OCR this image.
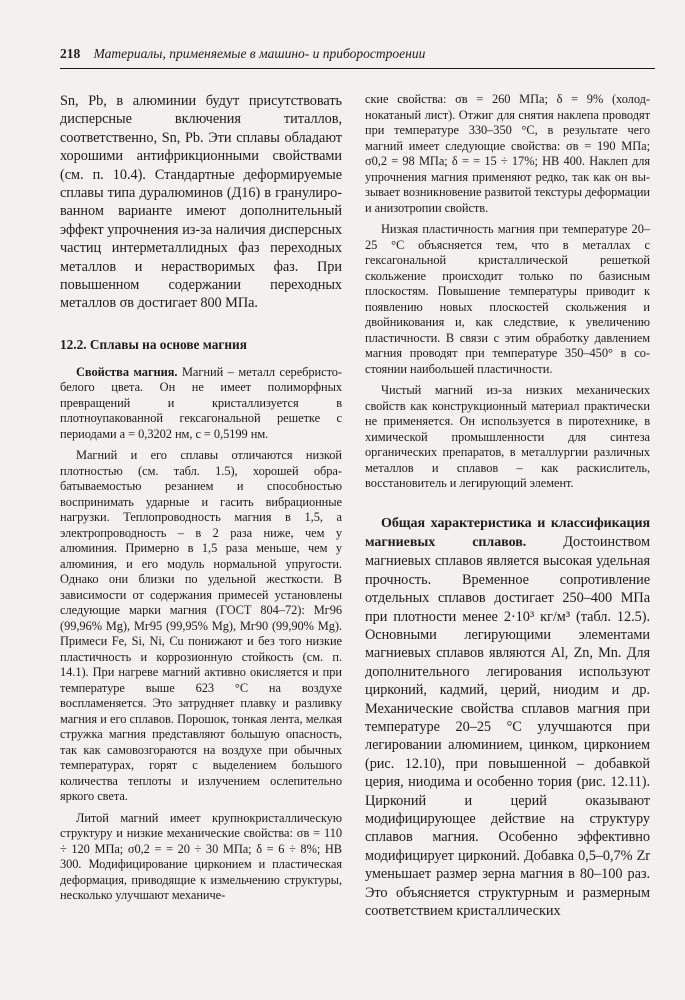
218 Материалы, применяемые в машино- и приборостроении

Sn, Pb, в алюминии будут присутствовать дисперсные включения титаллов, соответственно, Sn, Pb. Эти сплавы обладают хорошими антифрикционными свойствами (см. п. 10.4). Стандартные деформируемые сплавы типа дуралюминов (Д16) в гранулированном варианте имеют дополнительный эффект упрочнения из-за наличия дисперсных частиц интерметаллидных фаз переходных металлов и нерастворимых фаз. При повышенном содержании переходных металлов σв достигает 800 МПа.

12.2. Сплавы на основе магния

Свойства магния. Магний – металл серебристо-белого цвета. Он не имеет полиморфных превращений и кристаллизуется в плотноупакованной гексагональной решетке с периодами a = 0,3202 нм, c = 0,5199 нм.

Магний и его сплавы отличаются низкой плотностью (см. табл. 1.5), хорошей обрабатываемостью резанием и способностью воспринимать ударные и гасить вибрационные нагрузки. Теплопроводность магния в 1,5, а электропроводность – в 2 раза ниже, чем у алюминия. Примерно в 1,5 раза меньше, чем у алюминия, и его модуль нормальной упругости. Однако они близки по удельной жесткости. В зависимости от содержания примесей установлены следующие марки магния (ГОСТ 804–72): Мг96 (99,96% Mg), Мг95 (99,95% Mg), Мг90 (99,90% Mg). Примеси Fe, Si, Ni, Cu понижают и без того низкие пластичность и коррозионную стойкость (см. п. 14.1). При нагреве магний активно окисляется и при температуре выше 623 °C на воздухе воспламеняется. Это затрудняет плавку и разливку магния и его сплавов. Порошок, тонкая лента, мелкая стружка магния представляют большую опасность, так как самовозгораются на воздухе при обычных температурах, горят с выделением большого количества теплоты и излучением ослепительно яркого света.

Литой магний имеет крупнокристаллическую структуру и низкие механические свойства: σв = 110 ÷ 120 МПа; σ0,2 = = 20 ÷ 30 МПа; δ = 6 ÷ 8%; HB 300. Модифицирование цирконием и пластическая деформация, приводящие к измельчению структуры, несколько улучшают механиче-

ские свойства: σв = 260 МПа; δ = 9% (холоднокатаный лист). Отжиг для снятия наклепа проводят при температуре 330–350 °C, в результате чего магний имеет следующие свойства: σв = 190 МПа; σ0,2 = 98 МПа; δ = = 15 ÷ 17%; HB 400. Наклеп для упрочнения магния применяют редко, так как он вызывает возникновение развитой текстуры деформации и анизотропии свойств.

Низкая пластичность магния при температуре 20–25 °C объясняется тем, что в металлах с гексагональной кристаллической решеткой скольжение происходит только по базисным плоскостям. Повышение температуры приводит к появлению новых плоскостей скольжения и двойникования и, как следствие, к увеличению пластичности. В связи с этим обработку давлением магния проводят при температуре 350–450° в состоянии наибольшей пластичности.

Чистый магний из-за низких механических свойств как конструкционный материал практически не применяется. Он используется в пиротехнике, в химической промышленности для синтеза органических препаратов, в металлургии различных металлов и сплавов – как раскислитель, восстановитель и легирующий элемент.

Общая характеристика и классификация магниевых сплавов. Достоинством магниевых сплавов является высокая удельная прочность. Временное сопротивление отдельных сплавов достигает 250–400 МПа при плотности менее 2·10³ кг/м³ (табл. 12.5). Основными легирующими элементами магниевых сплавов являются Al, Zn, Mn. Для дополнительного легирования используют цирконий, кадмий, церий, ниодим и др. Механические свойства сплавов магния при температуре 20–25 °C улучшаются при легировании алюминием, цинком, цирконием (рис. 12.10), при повышенной – добавкой церия, ниодима и особенно тория (рис. 12.11). Цирконий и церий оказывают модифицирующее действие на структуру сплавов магния. Особенно эффективно модифицирует цирконий. Добавка 0,5–0,7% Zr уменьшает размер зерна магния в 80–100 раз. Это объясняется структурным и размерным соответствием кристаллических
